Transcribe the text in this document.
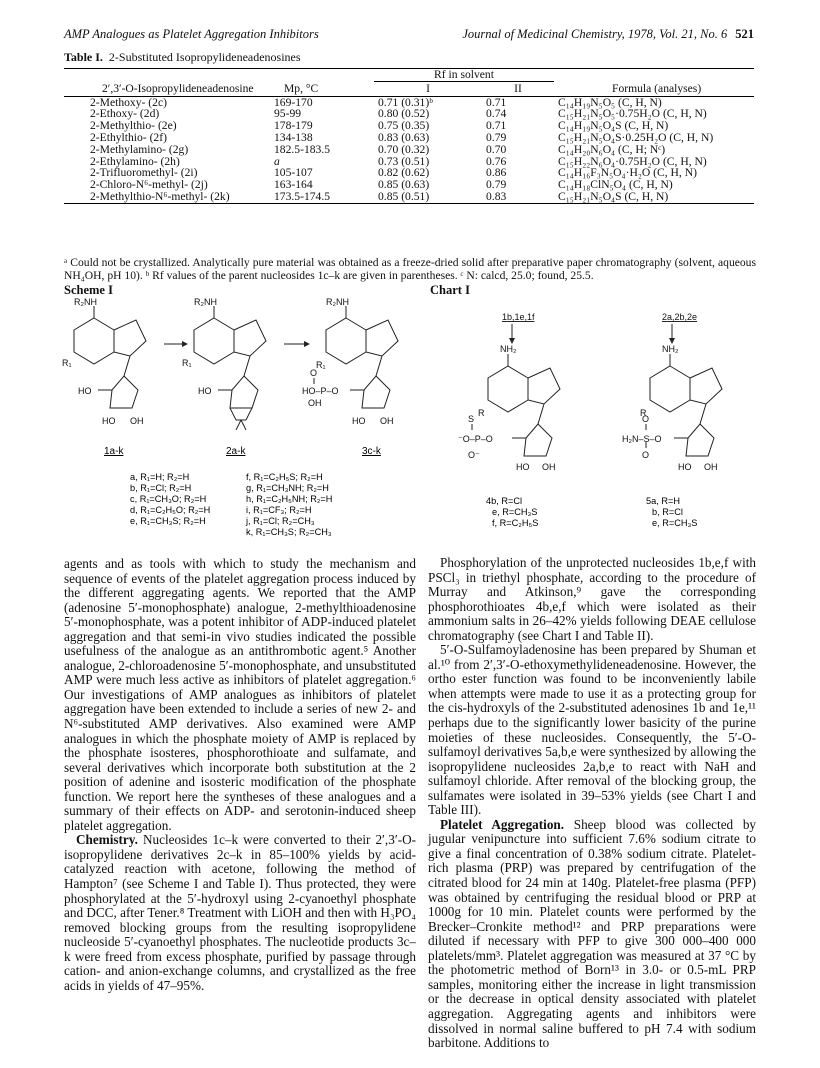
AMP Analogues as Platelet Aggregation Inhibitors	Journal of Medicinal Chemistry, 1978, Vol. 21, No. 6 521
Table I. 2-Substituted Isopropylideneadenosines
		Rf in solvent		
2′,3′-O-Isopropylideneadenosine	Mp, °C	I	II	Formula (analyses)
2-Methoxy- (2c)	169-170	0.71 (0.31)ᵇ	0.71	C₁₄H₁₉N₅O₅ (C, H, N)
2-Ethoxy- (2d)	95-99	0.80 (0.52)	0.74	C₁₅H₂₁N₅O₅·0.75H₂O (C, H, N)
2-Methylthio- (2e)	178-179	0.75 (0.35)	0.71	C₁₄H₁₉N₅O₄S (C, H, N)
2-Ethylthio- (2f)	134-138	0.83 (0.63)	0.79	C₁₅H₂₁N₅O₄S·0.25H₂O (C, H, N)
2-Methylamino- (2g)	182.5-183.5	0.70 (0.32)	0.70	C₁₄H₂₀N₆O₄ (C, H; Nᶜ)
2-Ethylamino- (2h)	a	0.73 (0.51)	0.76	C₁₅H₂₂N₆O₄·0.75H₂O (C, H, N)
2-Trifluoromethyl- (2i)	105-107	0.82 (0.62)	0.86	C₁₄H₁₆F₃N₅O₄·H₂O (C, H, N)
2-Chloro-N⁶-methyl- (2j)	163-164	0.85 (0.63)	0.79	C₁₄H₁₈ClN₅O₄ (C, H, N)
2-Methylthio-N⁶-methyl- (2k)	173.5-174.5	0.85 (0.51)	0.83	C₁₅H₂₁N₅O₄S (C, H, N)
ᵃ Could not be crystallized. Analytically pure material was obtained as a freeze-dried solid after preparative paper chromatography (solvent, aqueous NH₄OH, pH 10). ᵇ Rf values of the parent nucleosides 1c–k are given in parentheses. ᶜ N: calcd, 25.0; found, 25.5.
Scheme I	Chart I
R₂NH	R₂NH	R₂NH
R₁	R₁	R₁
HO	HO	HO–P–O
O
OH
HO OH	HO OH
1a-k	2a-k	3c-k
a, R₁=H; R₂=H
b, R₁=Cl; R₂=H
c, R₁=CH₃O; R₂=H
d, R₁=C₂H₅O; R₂=H
e, R₁=CH₃S; R₂=H
f, R₁=C₂H₅S; R₂=H
g, R₁=CH₃NH; R₂=H
h, R₁=C₂H₅NH; R₂=H
i, R₁=CF₃; R₂=H
j, R₁=Cl; R₂=CH₃
k, R₁=CH₃S; R₂=CH₃
1b,1e,1f	2a,2b,2e
NH₂	NH₂
R	R
S	O
⁻O–P–O	H₂N–S–O
O⁻	O
HO OH	HO OH
4b, R=Cl
e, R=CH₃S
f, R=C₂H₅S
5a, R=H
b, R=Cl
e, R=CH₃S

agents and as tools with which to study the mechanism and sequence of events of the platelet aggregation process induced by the different aggregating agents. We reported that the AMP (adenosine 5′-monophosphate) analogue, 2-methylthioadenosine 5′-monophosphate, was a potent inhibitor of ADP-induced platelet aggregation and that semi-in vivo studies indicated the possible usefulness of the analogue as an antithrombotic agent.⁵ Another analogue, 2-chloroadenosine 5′-monophosphate, and unsubstituted AMP were much less active as inhibitors of platelet aggregation.⁶ Our investigations of AMP analogues as inhibitors of platelet aggregation have been extended to include a series of new 2- and N⁶-substituted AMP derivatives. Also examined were AMP analogues in which the phosphate moiety of AMP is replaced by the phosphate isosteres, phosphorothioate and sulfamate, and several derivatives which incorporate both substitution at the 2 position of adenine and isosteric modification of the phosphate function. We report here the syntheses of these analogues and a summary of their effects on ADP- and serotonin-induced sheep platelet aggregation.

Chemistry. Nucleosides 1c–k were converted to their 2′,3′-O-isopropylidene derivatives 2c–k in 85–100% yields by acid-catalyzed reaction with acetone, following the method of Hampton⁷ (see Scheme I and Table I). Thus protected, they were phosphorylated at the 5′-hydroxyl using 2-cyanoethyl phosphate and DCC, after Tener.⁸ Treatment with LiOH and then with H₃PO₄ removed blocking groups from the resulting isopropylidene nucleoside 5′-cyanoethyl phosphates. The nucleotide products 3c–k were freed from excess phosphate, purified by passage through cation- and anion-exchange columns, and crystallized as the free acids in yields of 47–95%.

Phosphorylation of the unprotected nucleosides 1b,e,f with PSCl₃ in triethyl phosphate, according to the procedure of Murray and Atkinson,⁹ gave the corresponding phosphorothioates 4b,e,f which were isolated as their ammonium salts in 26–42% yields following DEAE cellulose chromatography (see Chart I and Table II).

5′-O-Sulfamoyladenosine has been prepared by Shuman et al.¹⁰ from 2′,3′-O-ethoxymethylideneadenosine. However, the ortho ester function was found to be inconveniently labile when attempts were made to use it as a protecting group for the cis-hydroxyls of the 2-substituted adenosines 1b and 1e,¹¹ perhaps due to the significantly lower basicity of the purine moieties of these nucleosides. Consequently, the 5′-O-sulfamoyl derivatives 5a,b,e were synthesized by allowing the isopropylidene nucleosides 2a,b,e to react with NaH and sulfamoyl chloride. After removal of the blocking group, the sulfamates were isolated in 39–53% yields (see Chart I and Table III).

Platelet Aggregation. Sheep blood was collected by jugular venipuncture into sufficient 7.6% sodium citrate to give a final concentration of 0.38% sodium citrate. Platelet-rich plasma (PRP) was prepared by centrifugation of the citrated blood for 24 min at 140g. Platelet-free plasma (PFP) was obtained by centrifuging the residual blood or PRP at 1000g for 10 min. Platelet counts were performed by the Brecker–Cronkite method¹² and PRP preparations were diluted if necessary with PFP to give 300 000–400 000 platelets/mm³. Platelet aggregation was measured at 37 °C by the photometric method of Born¹³ in 3.0- or 0.5-mL PRP samples, monitoring either the increase in light transmission or the decrease in optical density associated with platelet aggregation. Aggregating agents and inhibitors were dissolved in normal saline buffered to pH 7.4 with sodium barbitone. Additions to
